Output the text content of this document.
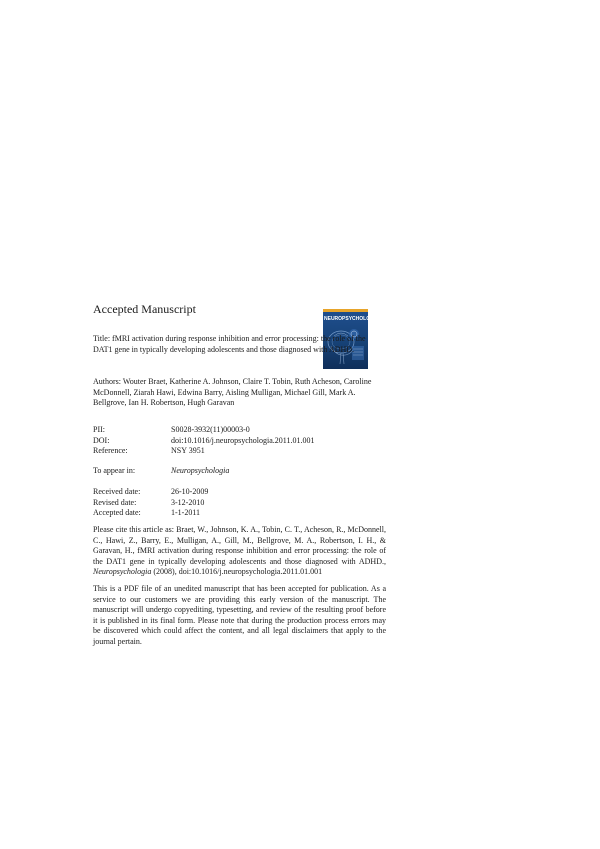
Accepted Manuscript
NEUROPSYCHOLOGIA

Title: fMRI activation during response inhibition and error processing: the role of the DAT1 gene in typically developing adolescents and those diagnosed with ADHD.

Authors: Wouter Braet, Katherine A. Johnson, Claire T. Tobin, Ruth Acheson, Caroline McDonnell, Ziarah Hawi, Edwina Barry, Aisling Mulligan, Michael Gill, Mark A. Bellgrove, Ian H. Robertson, Hugh Garavan

PII:	S0028-3932(11)00003-0
DOI:	doi:10.1016/j.neuropsychologia.2011.01.001
Reference:	NSY 3951
To appear in:	Neuropsychologia
Received date:	26-10-2009
Revised date:	3-12-2010
Accepted date:	1-1-2011

Please cite this article as: Braet, W., Johnson, K. A., Tobin, C. T., Acheson, R., McDonnell, C., Hawi, Z., Barry, E., Mulligan, A., Gill, M., Bellgrove, M. A., Robertson, I. H., & Garavan, H., fMRI activation during response inhibition and error processing: the role of the DAT1 gene in typically developing adolescents and those diagnosed with ADHD., Neuropsychologia (2008), doi:10.1016/j.neuropsychologia.2011.01.001

This is a PDF file of an unedited manuscript that has been accepted for publication. As a service to our customers we are providing this early version of the manuscript. The manuscript will undergo copyediting, typesetting, and review of the resulting proof before it is published in its final form. Please note that during the production process errors may be discovered which could affect the content, and all legal disclaimers that apply to the journal pertain.
